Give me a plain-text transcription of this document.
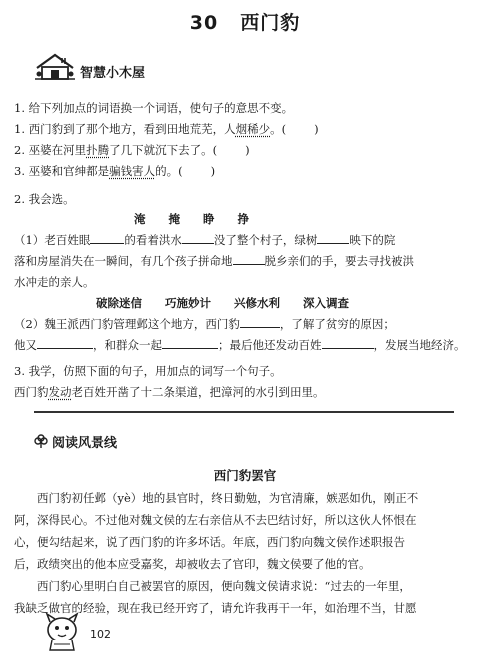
30 西门豹
智慧小木屋
1. 给下列加点的词语换一个词语，使句子的意思不变。
1. 西门豹到了那个地方，看到田地荒芜，人烟稀少。( )
2. 巫婆在河里扑腾了几下就沉下去了。( )
3. 巫婆和官绅都是骗钱害人的。( )
2. 我会选。
淹　　掩　　睁　　挣
（1）老百姓眼	的看着洪水	没了整个村子，绿树	映下的院
落和房屋消失在一瞬间，有几个孩子拼命地	脱乡亲们的手，要去寻找被洪
水冲走的亲人。
破除迷信　　巧施妙计　　兴修水利　　深入调查
（2）魏王派西门豹管理邺这个地方，西门豹	，了解了贫穷的原因；
他又	，和群众一起	；最后他还发动百姓	，发展当地经济。
3. 我学，仿照下面的句子，用加点的词写一个句子。
西门豹发动老百姓开凿了十二条渠道，把漳河的水引到田里。
阅读风景线
西门豹罢官
　　西门豹初任邺（yè）地的县官时，终日勤勉，为官清廉，嫉恶如仇，刚正不
阿，深得民心。不过他对魏文侯的左右亲信从不去巴结讨好，所以这伙人怀恨在
心，便勾结起来，说了西门豹的许多坏话。年底，西门豹向魏文侯作述职报告
后，政绩突出的他本应受嘉奖，却被收去了官印，魏文侯要了他的官。
　　西门豹心里明白自己被罢官的原因，便向魏文侯请求说：“过去的一年里，
我缺乏做官的经验，现在我已经开窍了，请允许我再干一年，如治理不当，甘愿
102
